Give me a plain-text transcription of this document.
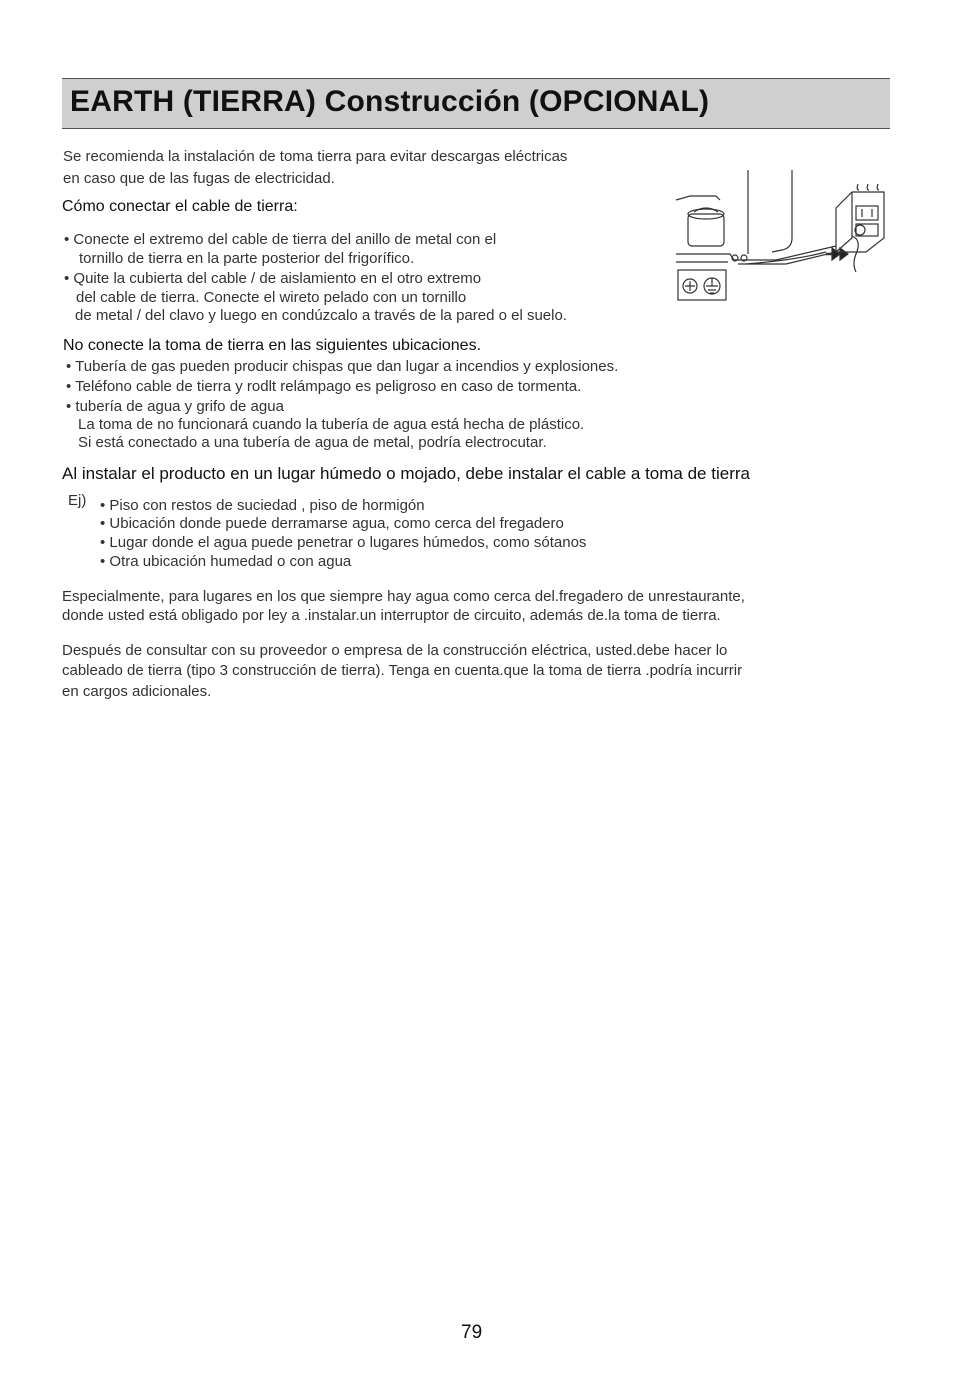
EARTH (TIERRA) Construcción (OPCIONAL)
Se recomienda la instalación de toma tierra para evitar descargas eléctricas
en caso que de las fugas de electricidad.
Cómo conectar el cable de tierra:
• Conecte el extremo del cable de tierra del anillo de metal con el
tornillo de tierra en la parte posterior del frigorífico.
• Quite la cubierta del cable / de aislamiento en el otro extremo
del cable de tierra. Conecte el wireto pelado con un tornillo
de metal / del clavo y luego en condúzcalo a través de la pared o el suelo.
No conecte la toma de tierra en las siguientes ubicaciones.
• Tubería de gas pueden producir chispas que dan lugar a incendios y explosiones.
• Teléfono cable de tierra y rodlt relámpago es peligroso en caso de tormenta.
• tubería de agua y grifo de agua
La toma de no funcionará cuando la tubería de agua está hecha de plástico.
Si está conectado a una tubería de agua de metal, podría electrocutar.
Al instalar el producto en un lugar húmedo o mojado, debe instalar el cable a toma de tierra
Ej) • Piso con restos de suciedad , piso de hormigón
• Ubicación donde puede derramarse agua, como cerca del fregadero
• Lugar donde el agua puede penetrar o lugares húmedos, como sótanos
• Otra ubicación humedad o con agua
Especialmente, para lugares en los que siempre hay agua como cerca del.fregadero de unrestaurante,
donde usted está obligado por ley a .instalar.un interruptor de circuito, además de.la toma de tierra.
Después de consultar con su proveedor o empresa de la construcción eléctrica, usted.debe hacer lo
cableado de tierra (tipo 3 construcción de tierra). Tenga en cuenta.que la toma de tierra .podría incurrir
en cargos adicionales.
79
